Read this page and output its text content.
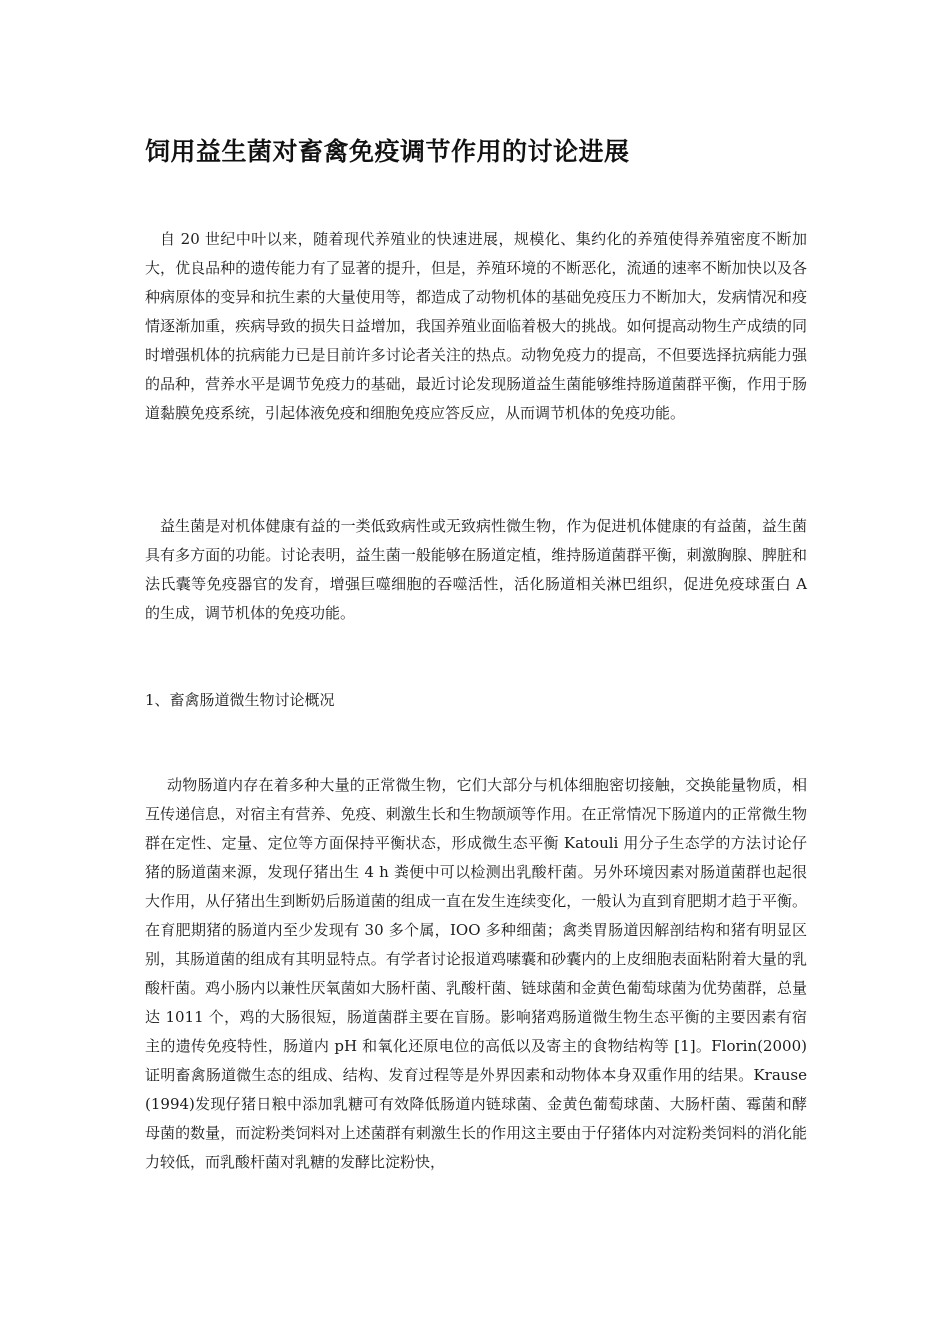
饲用益生菌对畜禽免疫调节作用的讨论进展

自 20 世纪中叶以来，随着现代养殖业的快速进展，规模化、集约化的养殖使得养殖密度不断加大，优良品种的遗传能力有了显著的提升，但是，养殖环境的不断恶化，流通的速率不断加快以及各种病原体的变异和抗生素的大量使用等，都造成了动物机体的基础免疫压力不断加大，发病情况和疫情逐渐加重，疾病导致的损失日益增加，我国养殖业面临着极大的挑战。如何提高动物生产成绩的同时增强机体的抗病能力已是目前许多讨论者关注的热点。动物免疫力的提高，不但要选择抗病能力强的品种，营养水平是调节免疫力的基础，最近讨论发现肠道益生菌能够维持肠道菌群平衡，作用于肠道黏膜免疫系统，引起体液免疫和细胞免疫应答反应，从而调节机体的免疫功能。

益生菌是对机体健康有益的一类低致病性或无致病性微生物，作为促进机体健康的有益菌，益生菌具有多方面的功能。讨论表明，益生菌一般能够在肠道定植，维持肠道菌群平衡，刺激胸腺、脾脏和法氏囊等免疫器官的发育，增强巨噬细胞的吞噬活性，活化肠道相关淋巴组织，促进免疫球蛋白 A 的生成，调节机体的免疫功能。

1、畜禽肠道微生物讨论概况

动物肠道内存在着多种大量的正常微生物，它们大部分与机体细胞密切接触，交换能量物质，相互传递信息，对宿主有营养、免疫、刺激生长和生物颉颃等作用。在正常情况下肠道内的正常微生物群在定性、定量、定位等方面保持平衡状态，形成微生态平衡 Katouli 用分子生态学的方法讨论仔猪的肠道菌来源，发现仔猪出生 4 h 粪便中可以检测出乳酸杆菌。另外环境因素对肠道菌群也起很大作用，从仔猪出生到断奶后肠道菌的组成一直在发生连续变化，一般认为直到育肥期才趋于平衡。在育肥期猪的肠道内至少发现有 30 多个属，IOO 多种细菌；禽类胃肠道因解剖结构和猪有明显区别，其肠道菌的组成有其明显特点。有学者讨论报道鸡嗉囊和砂囊内的上皮细胞表面粘附着大量的乳酸杆菌。鸡小肠内以兼性厌氧菌如大肠杆菌、乳酸杆菌、链球菌和金黄色葡萄球菌为优势菌群，总量达 1011 个，鸡的大肠很短，肠道菌群主要在盲肠。影响猪鸡肠道微生物生态平衡的主要因素有宿主的遗传免疫特性，肠道内 pH 和氧化还原电位的高低以及寄主的食物结构等 [1]。Florin(2000)证明畜禽肠道微生态的组成、结构、发育过程等是外界因素和动物体本身双重作用的结果。Krause(1994)发现仔猪日粮中添加乳糖可有效降低肠道内链球菌、金黄色葡萄球菌、大肠杆菌、霉菌和酵母菌的数量，而淀粉类饲料对上述菌群有刺激生长的作用这主要由于仔猪体内对淀粉类饲料的消化能力较低，而乳酸杆菌对乳糖的发酵比淀粉快，
